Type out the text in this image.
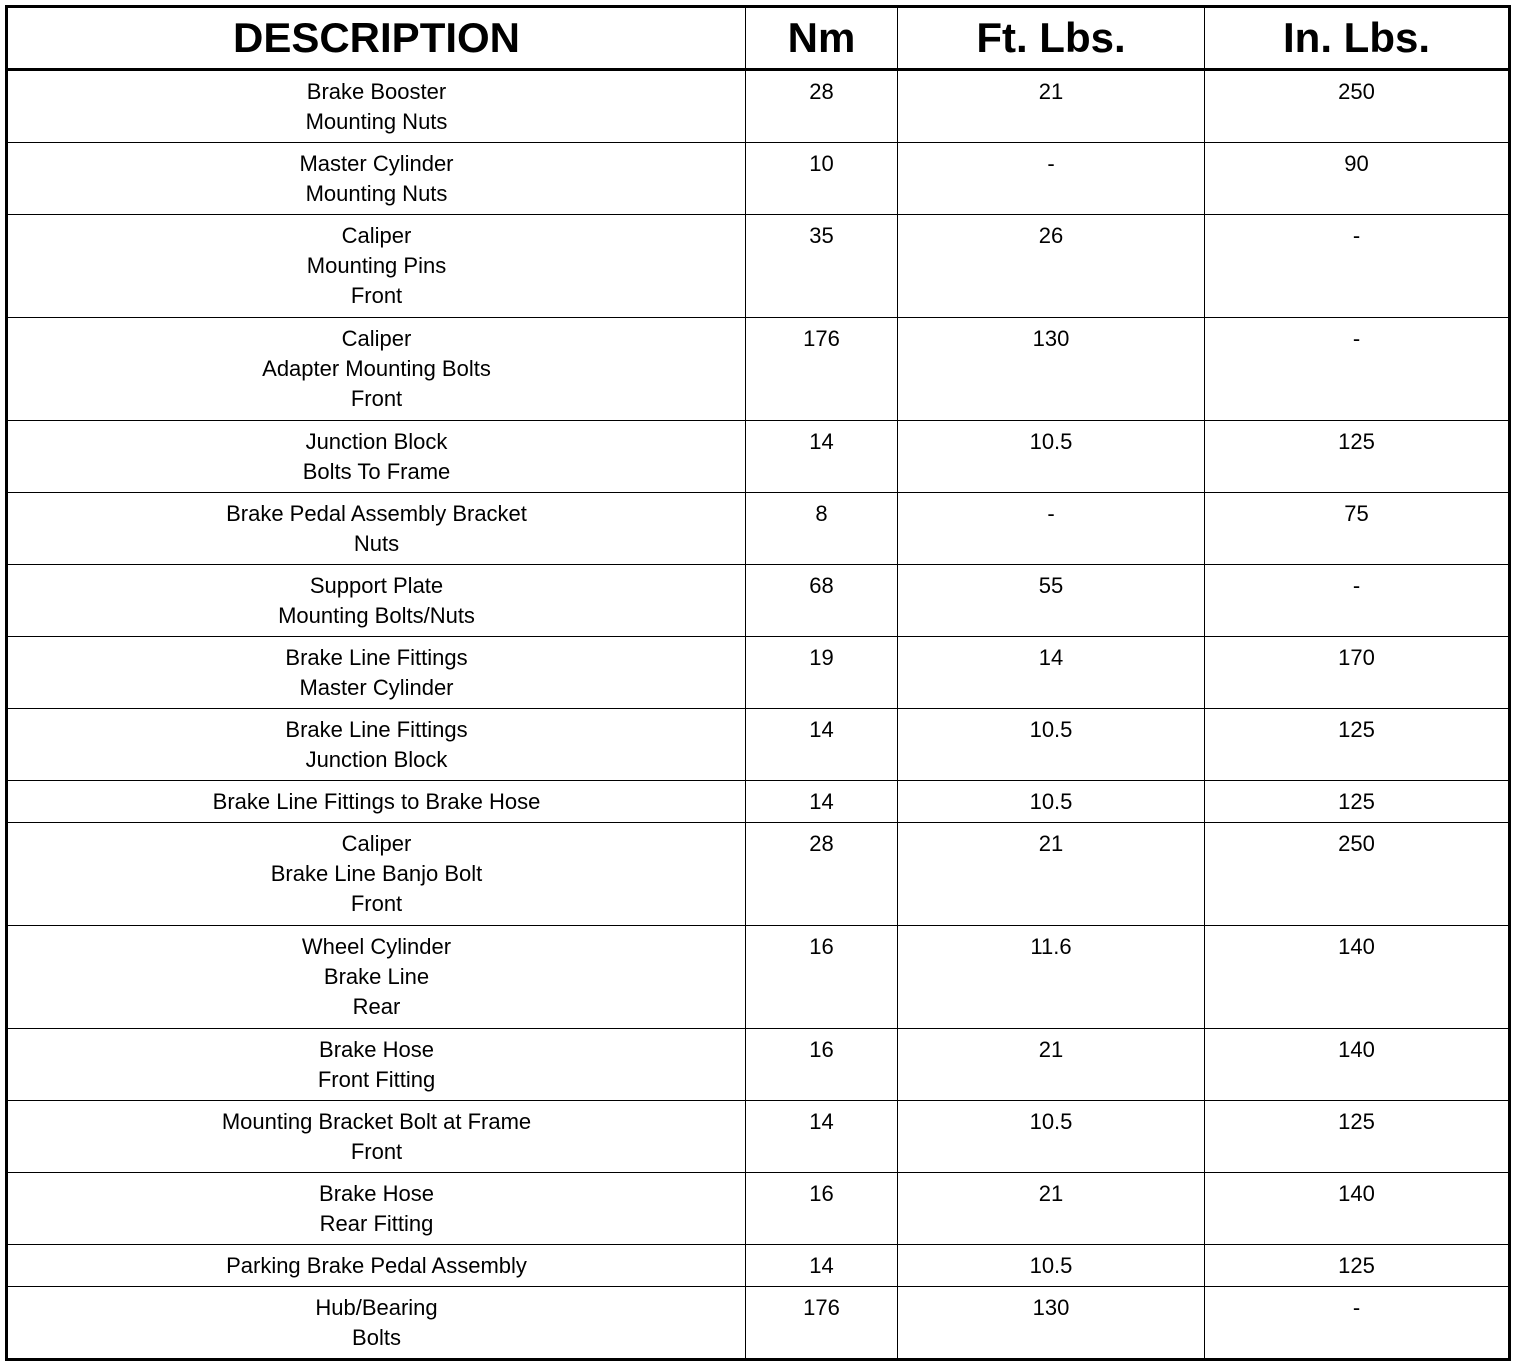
DESCRIPTION	Nm	Ft. Lbs.	In. Lbs.

Brake Booster
Mounting Nuts	28	21	250

Master Cylinder
Mounting Nuts	10	-	90

Caliper
Mounting Pins
Front	35	26	-

Caliper
Adapter Mounting Bolts
Front	176	130	-

Junction Block
Bolts To Frame	14	10.5	125

Brake Pedal Assembly Bracket
Nuts	8	-	75

Support Plate
Mounting Bolts/Nuts	68	55	-

Brake Line Fittings
Master Cylinder	19	14	170

Brake Line Fittings
Junction Block	14	10.5	125

Brake Line Fittings to Brake Hose	14	10.5	125

Caliper
Brake Line Banjo Bolt
Front	28	21	250

Wheel Cylinder
Brake Line
Rear	16	11.6	140

Brake Hose
Front Fitting	16	21	140

Mounting Bracket Bolt at Frame
Front	14	10.5	125

Brake Hose
Rear Fitting	16	21	140

Parking Brake Pedal Assembly	14	10.5	125

Hub/Bearing
Bolts	176	130	-
